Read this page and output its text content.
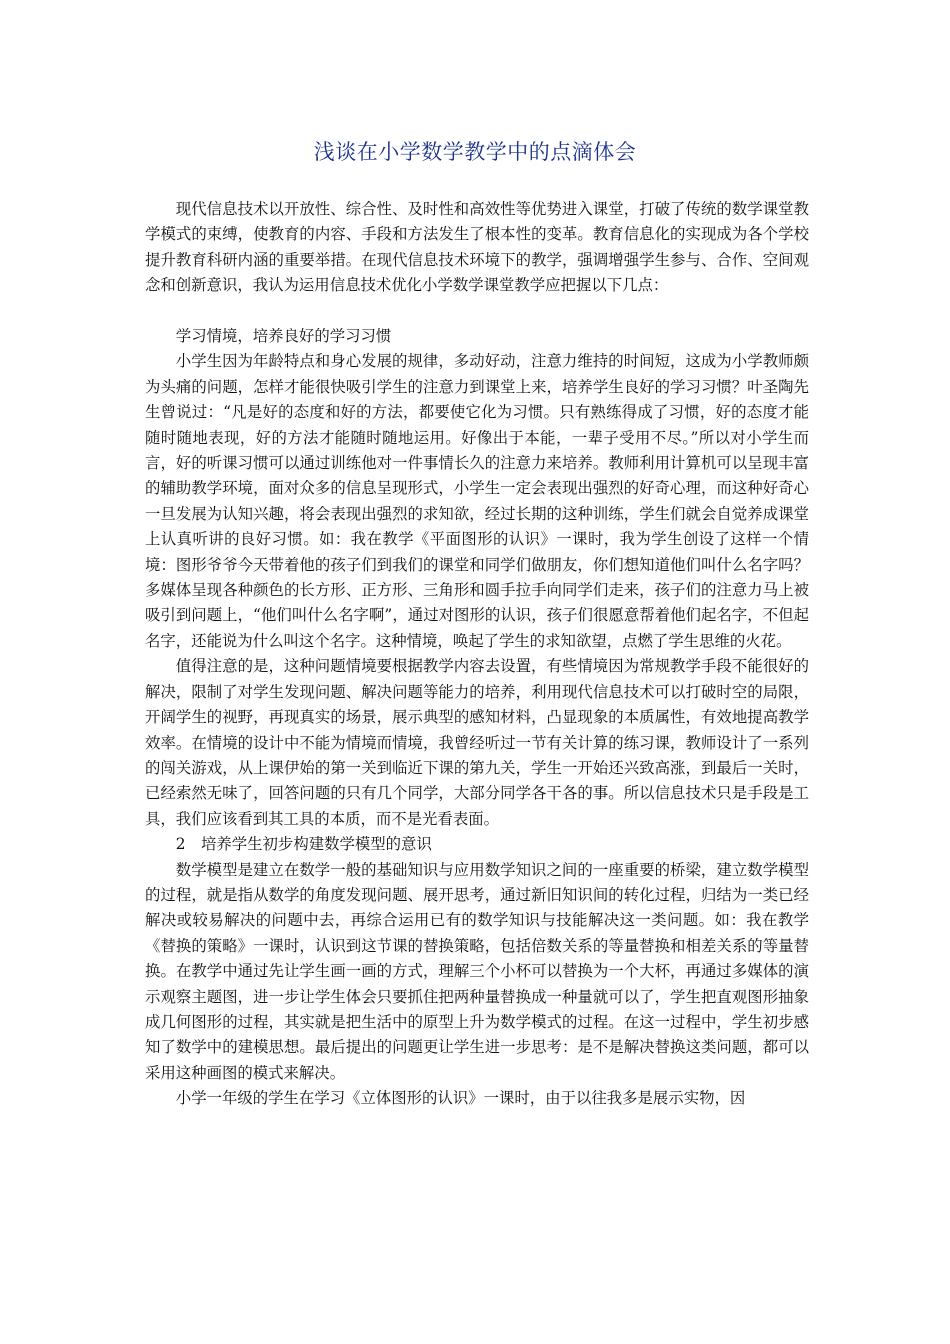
浅谈在小学数学教学中的点滴体会

现代信息技术以开放性、综合性、及时性和高效性等优势进入课堂，打破了传统的数学课堂教学模式的束缚，使教育的内容、手段和方法发生了根本性的变革。教育信息化的实现成为各个学校提升教育科研内涵的重要举措。在现代信息技术环境下的教学，强调增强学生参与、合作、空间观念和创新意识，我认为运用信息技术优化小学数学课堂教学应把握以下几点：

学习情境，培养良好的学习习惯

小学生因为年龄特点和身心发展的规律，多动好动，注意力维持的时间短，这成为小学教师颇为头痛的问题，怎样才能很快吸引学生的注意力到课堂上来，培养学生良好的学习习惯？叶圣陶先生曾说过：“凡是好的态度和好的方法，都要使它化为习惯。只有熟练得成了习惯，好的态度才能随时随地表现，好的方法才能随时随地运用。好像出于本能，一辈子受用不尽。”所以对小学生而言，好的听课习惯可以通过训练他对一件事情长久的注意力来培养。教师利用计算机可以呈现丰富的辅助教学环境，面对众多的信息呈现形式，小学生一定会表现出强烈的好奇心理，而这种好奇心一旦发展为认知兴趣，将会表现出强烈的求知欲，经过长期的这种训练，学生们就会自觉养成课堂上认真听讲的良好习惯。如：我在教学《平面图形的认识》一课时，我为学生创设了这样一个情境：图形爷爷今天带着他的孩子们到我们的课堂和同学们做朋友，你们想知道他们叫什么名字吗？多媒体呈现各种颜色的长方形、正方形、三角形和圆手拉手向同学们走来，孩子们的注意力马上被吸引到问题上，“他们叫什么名字啊”，通过对图形的认识，孩子们很愿意帮着他们起名字，不但起名字，还能说为什么叫这个名字。这种情境，唤起了学生的求知欲望，点燃了学生思维的火花。

值得注意的是，这种问题情境要根据教学内容去设置，有些情境因为常规教学手段不能很好的解决，限制了对学生发现问题、解决问题等能力的培养，利用现代信息技术可以打破时空的局限，开阔学生的视野，再现真实的场景，展示典型的感知材料，凸显现象的本质属性，有效地提高教学效率。在情境的设计中不能为情境而情境，我曾经听过一节有关计算的练习课，教师设计了一系列的闯关游戏，从上课伊始的第一关到临近下课的第九关，学生一开始还兴致高涨，到最后一关时，已经索然无味了，回答问题的只有几个同学，大部分同学各干各的事。所以信息技术只是手段是工具，我们应该看到其工具的本质，而不是光看表面。

2　培养学生初步构建数学模型的意识

数学模型是建立在数学一般的基础知识与应用数学知识之间的一座重要的桥梁，建立数学模型的过程，就是指从数学的角度发现问题、展开思考，通过新旧知识间的转化过程，归结为一类已经解决或较易解决的问题中去，再综合运用已有的数学知识与技能解决这一类问题。如：我在教学《替换的策略》一课时，认识到这节课的替换策略，包括倍数关系的等量替换和相差关系的等量替换。在教学中通过先让学生画一画的方式，理解三个小杯可以替换为一个大杯，再通过多媒体的演示观察主题图，进一步让学生体会只要抓住把两种量替换成一种量就可以了，学生把直观图形抽象成几何图形的过程，其实就是把生活中的原型上升为数学模式的过程。在这一过程中，学生初步感知了数学中的建模思想。最后提出的问题更让学生进一步思考：是不是解决替换这类问题，都可以采用这种画图的模式来解决。

小学一年级的学生在学习《立体图形的认识》一课时，由于以往我多是展示实物，因
